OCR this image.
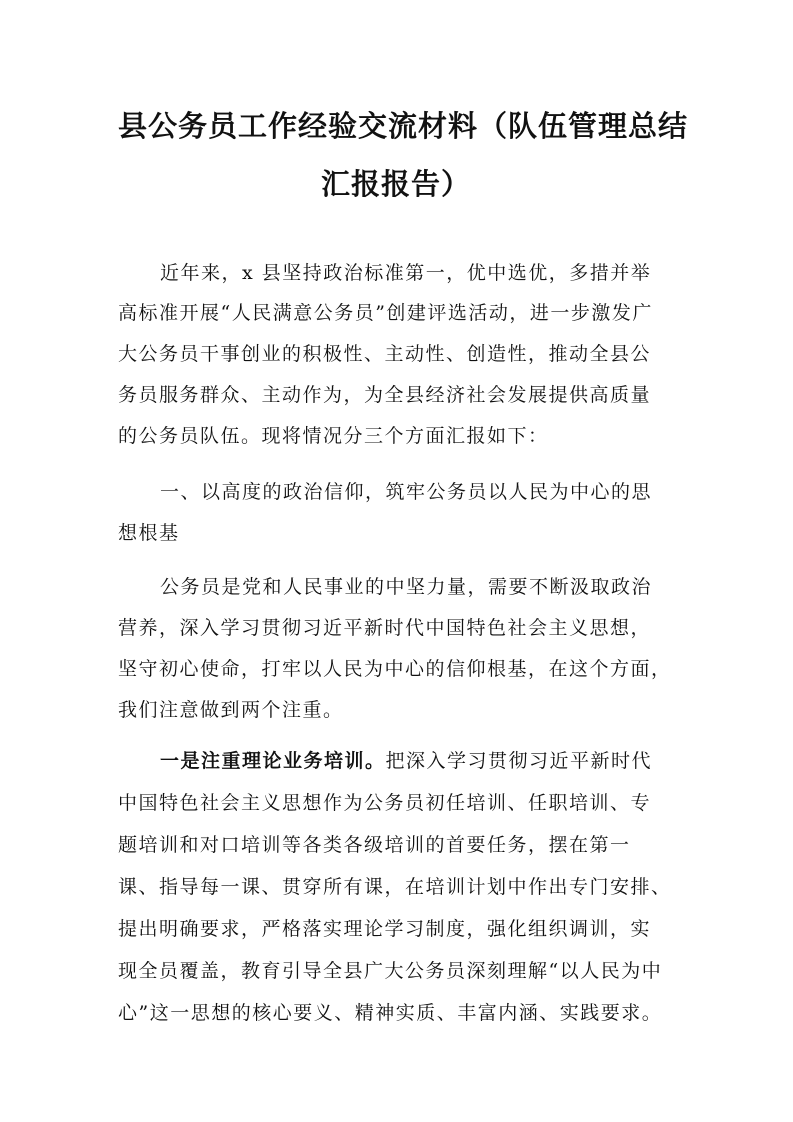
县公务员工作经验交流材料（队伍管理总结
汇报报告）
近年来，x 县坚持政治标准第一，优中选优，多措并举
高标准开展“人民满意公务员”创建评选活动，进一步激发广
大公务员干事创业的积极性、主动性、创造性，推动全县公
务员服务群众、主动作为，为全县经济社会发展提供高质量
的公务员队伍。现将情况分三个方面汇报如下：
一、以高度的政治信仰，筑牢公务员以人民为中心的思
想根基
公务员是党和人民事业的中坚力量，需要不断汲取政治
营养，深入学习贯彻习近平新时代中国特色社会主义思想，
坚守初心使命，打牢以人民为中心的信仰根基，在这个方面，
我们注意做到两个注重。
一是注重理论业务培训。把深入学习贯彻习近平新时代
中国特色社会主义思想作为公务员初任培训、任职培训、专
题培训和对口培训等各类各级培训的首要任务，摆在第一
课、指导每一课、贯穿所有课，在培训计划中作出专门安排、
提出明确要求，严格落实理论学习制度，强化组织调训，实
现全员覆盖，教育引导全县广大公务员深刻理解“以人民为中
心”这一思想的核心要义、精神实质、丰富内涵、实践要求。
